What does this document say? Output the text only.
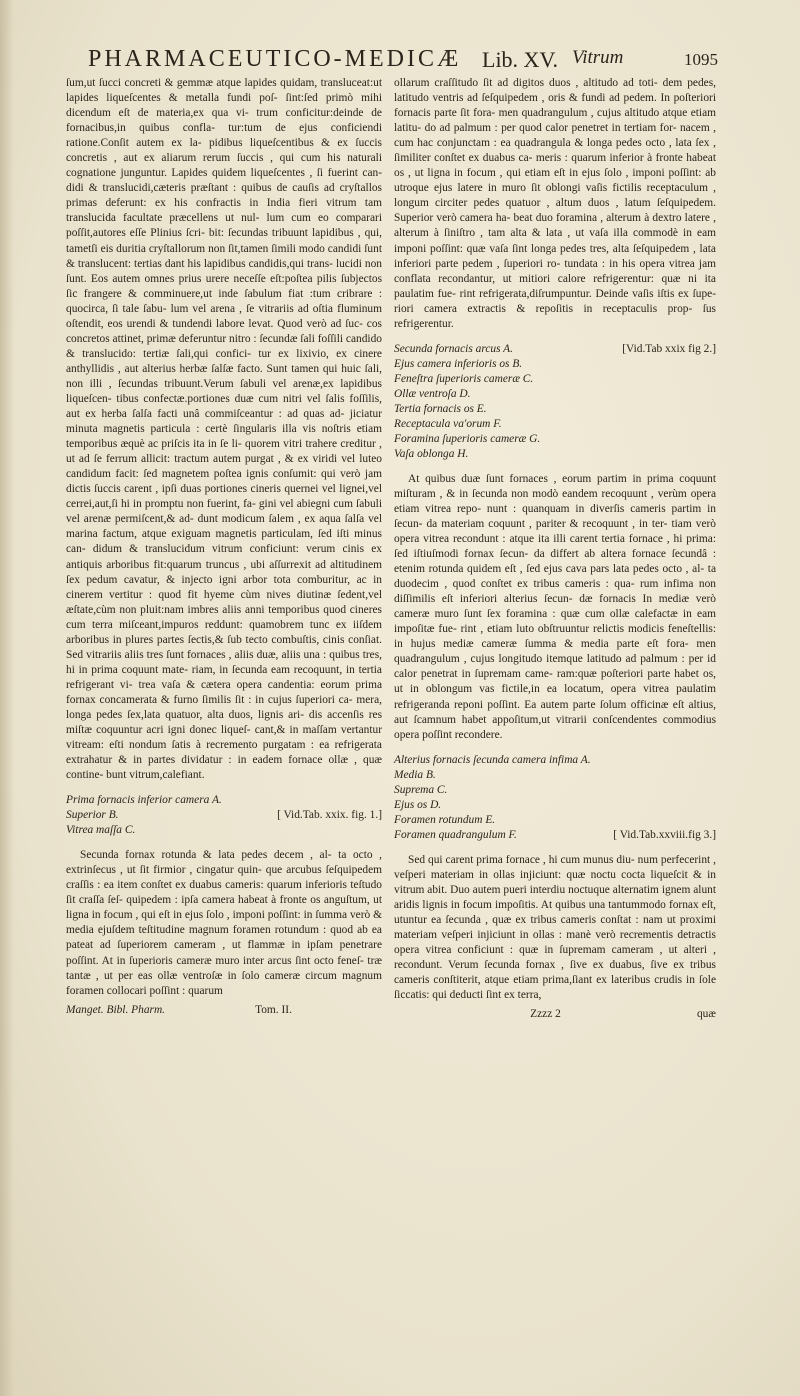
PHARMACEUTICO-MEDICÆ Lib. XV. Vitrum	1095

ſum,ut ſucci concreti & gemmæ atque lapides quidam, transluceat:ut lapides liqueſcentes & metalla fundi poſ- ſint:ſed primò mihi dicendum eſt de materia,ex qua vi- trum conficitur:deinde de fornacibus,in quibus confla- tur:tum de ejus conficiendi ratione.Conſit autem ex la- pidibus liqueſcentibus & ex ſuccis concretis , aut ex aliarum rerum ſuccis , qui cum his naturali cognatione junguntur. Lapides quidem liqueſcentes , ſi fuerint can- didi & translucidi,cæteris præſtant : quibus de cauſis ad cryſtallos primas deferunt: ex his confractis in India fieri vitrum tam translucida facultate præcellens ut nul- lum cum eo comparari poſſit,autores eſſe Plinius ſcri- bit: ſecundas tribuunt lapidibus , qui, tametſi eis duritia cryſtallorum non ſit,tamen ſimili modo candidi ſunt & translucent: tertias dant his lapidibus candidis,qui trans- lucidi non ſunt. Eos autem omnes prius urere neceſſe eſt:poſtea pilis ſubjectos ſic frangere & comminuere,ut inde ſabulum fiat :tum cribrare : quocirca, ſi tale ſabu- lum vel arena , ſe vitrariis ad oſtia fluminum oſtendit, eos urendi & tundendi labore levat. Quod verò ad ſuc- cos concretos attinet, primæ deferuntur nitro : ſecundæ ſali foſſili candido & translucido: tertiæ ſali,qui confici- tur ex lixivio, ex cinere anthyllidis , aut alterius herbæ ſalſæ facto. Sunt tamen qui huic ſali, non illi , ſecundas tribuunt.Verum ſabuli vel arenæ,ex lapidibus liqueſcen- tibus confectæ.portiones duæ cum nitri vel ſalis foſſilis, aut ex herba ſalſa facti unâ commiſceantur : ad quas ad- jiciatur minuta magnetis particula : certè ſingularis illa vis noſtris etiam temporibus æquè ac priſcis ita in ſe li- quorem vitri trahere creditur , ut ad ſe ferrum allicit: tractum autem purgat , & ex viridi vel luteo candidum facit: ſed magnetem poſtea ignis conſumit: qui verò jam dictis ſuccis carent , ipſi duas portiones cineris quernei vel lignei,vel cerrei,aut,ſi hi in promptu non fuerint, fa- gini vel abiegni cum ſabuli vel arenæ permiſcent,& ad- dunt modicum ſalem , ex aqua ſalſa vel marina factum, atque exiguam magnetis particulam, ſed iſti minus can- didum & translucidum vitrum conficiunt: verum cinis ex antiquis arboribus fit:quarum truncus , ubi aſſurrexit ad altitudinem ſex pedum cavatur, & injecto igni arbor tota comburitur, ac in cinerem vertitur : quod fit hyeme cùm nives diutinæ ſedent,vel æſtate,cùm non pluit:nam imbres aliis anni temporibus quod cineres cum terra miſceant,impuros reddunt: quamobrem tunc ex iiſdem arboribus in plures partes ſectis,& ſub tecto combuſtis, cinis conſiat. Sed vitrariis aliis tres ſunt fornaces , aliis duæ, aliis una : quibus tres, hi in prima coquunt mate- riam, in ſecunda eam recoquunt, in tertia refrigerant vi- trea vaſa & cætera opera candentia: eorum prima fornax concamerata & furno ſimilis ſit : in cujus ſuperiori ca- mera, longa pedes ſex,lata quatuor, alta duos, lignis ari- dis accenſis res miſtæ coquuntur acri igni donec liqueſ- cant,& in maſſam vertantur vitream: eſti nondum ſatis à recremento purgatam : ea refrigerata extrahatur & in partes dividatur : in eadem fornace ollæ , quæ contine- bunt vitrum,calefiant.

Prima fornacis inferior camera A.
Superior B.	[ Vid.Tab. xxix. fig. 1.]
Vitrea maſſa C.

Secunda fornax rotunda & lata pedes decem , al- ta octo , extrinſecus , ut ſit firmior , cingatur quin- que arcubus ſeſquipedem craſſis : ea item conſtet ex duabus cameris: quarum inferioris teſtudo ſit craſſa ſeſ- quipedem : ipſa camera habeat à fronte os anguſtum, ut ligna in focum , qui eſt in ejus ſolo , imponi poſſint: in ſumma verò & media ejuſdem teſtitudine magnum foramen rotundum : quod ab ea pateat ad ſuperiorem cameram , ut flammæ in ipſam penetrare poſſint. At in ſuperioris cameræ muro inter arcus ſint octo feneſ- træ tantæ , ut per eas ollæ ventroſæ in ſolo cameræ circum magnum foramen collocari poſſint : quarum

Manget. Bibl. Pharm.	Tom. II.

ollarum craſſitudo ſit ad digitos duos , altitudo ad toti- dem pedes, latitudo ventris ad ſeſquipedem , oris & fundi ad pedem. In poſteriori fornacis parte ſit fora- men quadrangulum , cujus altitudo atque etiam latitu- do ad palmum : per quod calor penetret in tertiam for- nacem , cum hac conjunctam : ea quadrangula & longa pedes octo , lata ſex , ſimiliter conſtet ex duabus ca- meris : quarum inferior à fronte habeat os , ut ligna in focum , qui etiam eſt in ejus ſolo , imponi poſſint: ab utroque ejus latere in muro ſit oblongi vaſis fictilis receptaculum , longum circiter pedes quatuor , altum duos , latum ſeſquipedem. Superior verò camera ha- beat duo foramina , alterum à dextro latere , alterum à ſiniſtro , tam alta & lata , ut vaſa illa commodè in eam imponi poſſint: quæ vaſa ſint longa pedes tres, alta ſeſquipedem , lata inferiori parte pedem , ſuperiori ro- tundata : in his opera vitrea jam conflata recondantur, ut mitiori calore refrigerentur: quæ ni ita paulatim fue- rint refrigerata,diſrumpuntur. Deinde vaſis iſtis ex ſupe- riori camera extractis & repoſitis in receptaculis prop- ſus refrigerentur.

Secunda fornacis arcus A.	[Vid.Tab xxix fig 2.]
Ejus camera inferioris os B.
Feneſtra ſuperioris cameræ C.
Ollæ ventroſa D.
Tertia fornacis os E.
Receptacula va'orum F.
Foramina ſuperioris cameræ G.
Vaſa oblonga H.

At quibus duæ ſunt fornaces , eorum partim in prima coquunt miſturam , & in ſecunda non modò eandem recoquunt , verùm opera etiam vitrea repo- nunt : quanquam in diverſis cameris partim in ſecun- da materiam coquunt , pariter & recoquunt , in ter- tiam verò opera vitrea recondunt : atque ita illi carent tertia fornace , hi prima: ſed iſtiuſmodi fornax ſecun- da differt ab altera fornace ſecundâ : etenim rotunda quidem eſt , ſed ejus cava pars lata pedes octo , al- ta duodecim , quod conſtet ex tribus cameris : qua- rum infima non diſſimilis eſt inferiori alterius ſecun- dæ fornacis In mediæ verò cameræ muro ſunt ſex foramina : quæ cum ollæ calefactæ in eam impoſitæ fue- rint , etiam luto obſtruuntur relictis modicis feneſtellis: in hujus mediæ cameræ ſumma & media parte eſt fora- men quadrangulum , cujus longitudo itemque latitudo ad palmum : per id calor penetrat in ſupremam came- ram:quæ poſteriori parte habet os, ut in oblongum vas fictile,in ea locatum, opera vitrea paulatim refrigeranda reponi poſſint. Ea autem parte ſolum officinæ eſt altius, aut ſcamnum habet appoſitum,ut vitrarii conſcendentes commodius opera poſſint recondere.

Alterius fornacis ſecunda camera infima A.
Media B.
Suprema C.
Ejus os D.
Foramen rotundum E.
Foramen quadrangulum F.	[ Vid.Tab.xxviii.fig 3.]

Sed qui carent prima fornace , hi cum munus diu- num perfecerint , veſperi materiam in ollas injiciunt: quæ noctu cocta liqueſcit & in vitrum abit. Duo autem pueri interdiu noctuque alternatim ignem alunt aridis lignis in focum impoſitis. At quibus una tantummodo fornax eſt, utuntur ea ſecunda , quæ ex tribus cameris conſtat : nam ut proximi materiam veſperi injiciunt in ollas : manè verò recrementis detractis opera vitrea conficiunt : quæ in ſupremam cameram , ut alteri , recondunt. Verum ſecunda fornax , ſive ex duabus, ſive ex tribus cameris conſtiterit, atque etiam prima,ſiant ex lateribus crudis in ſole ſiccatis: qui deducti ſint ex terra,

Zzzz 2	quæ
